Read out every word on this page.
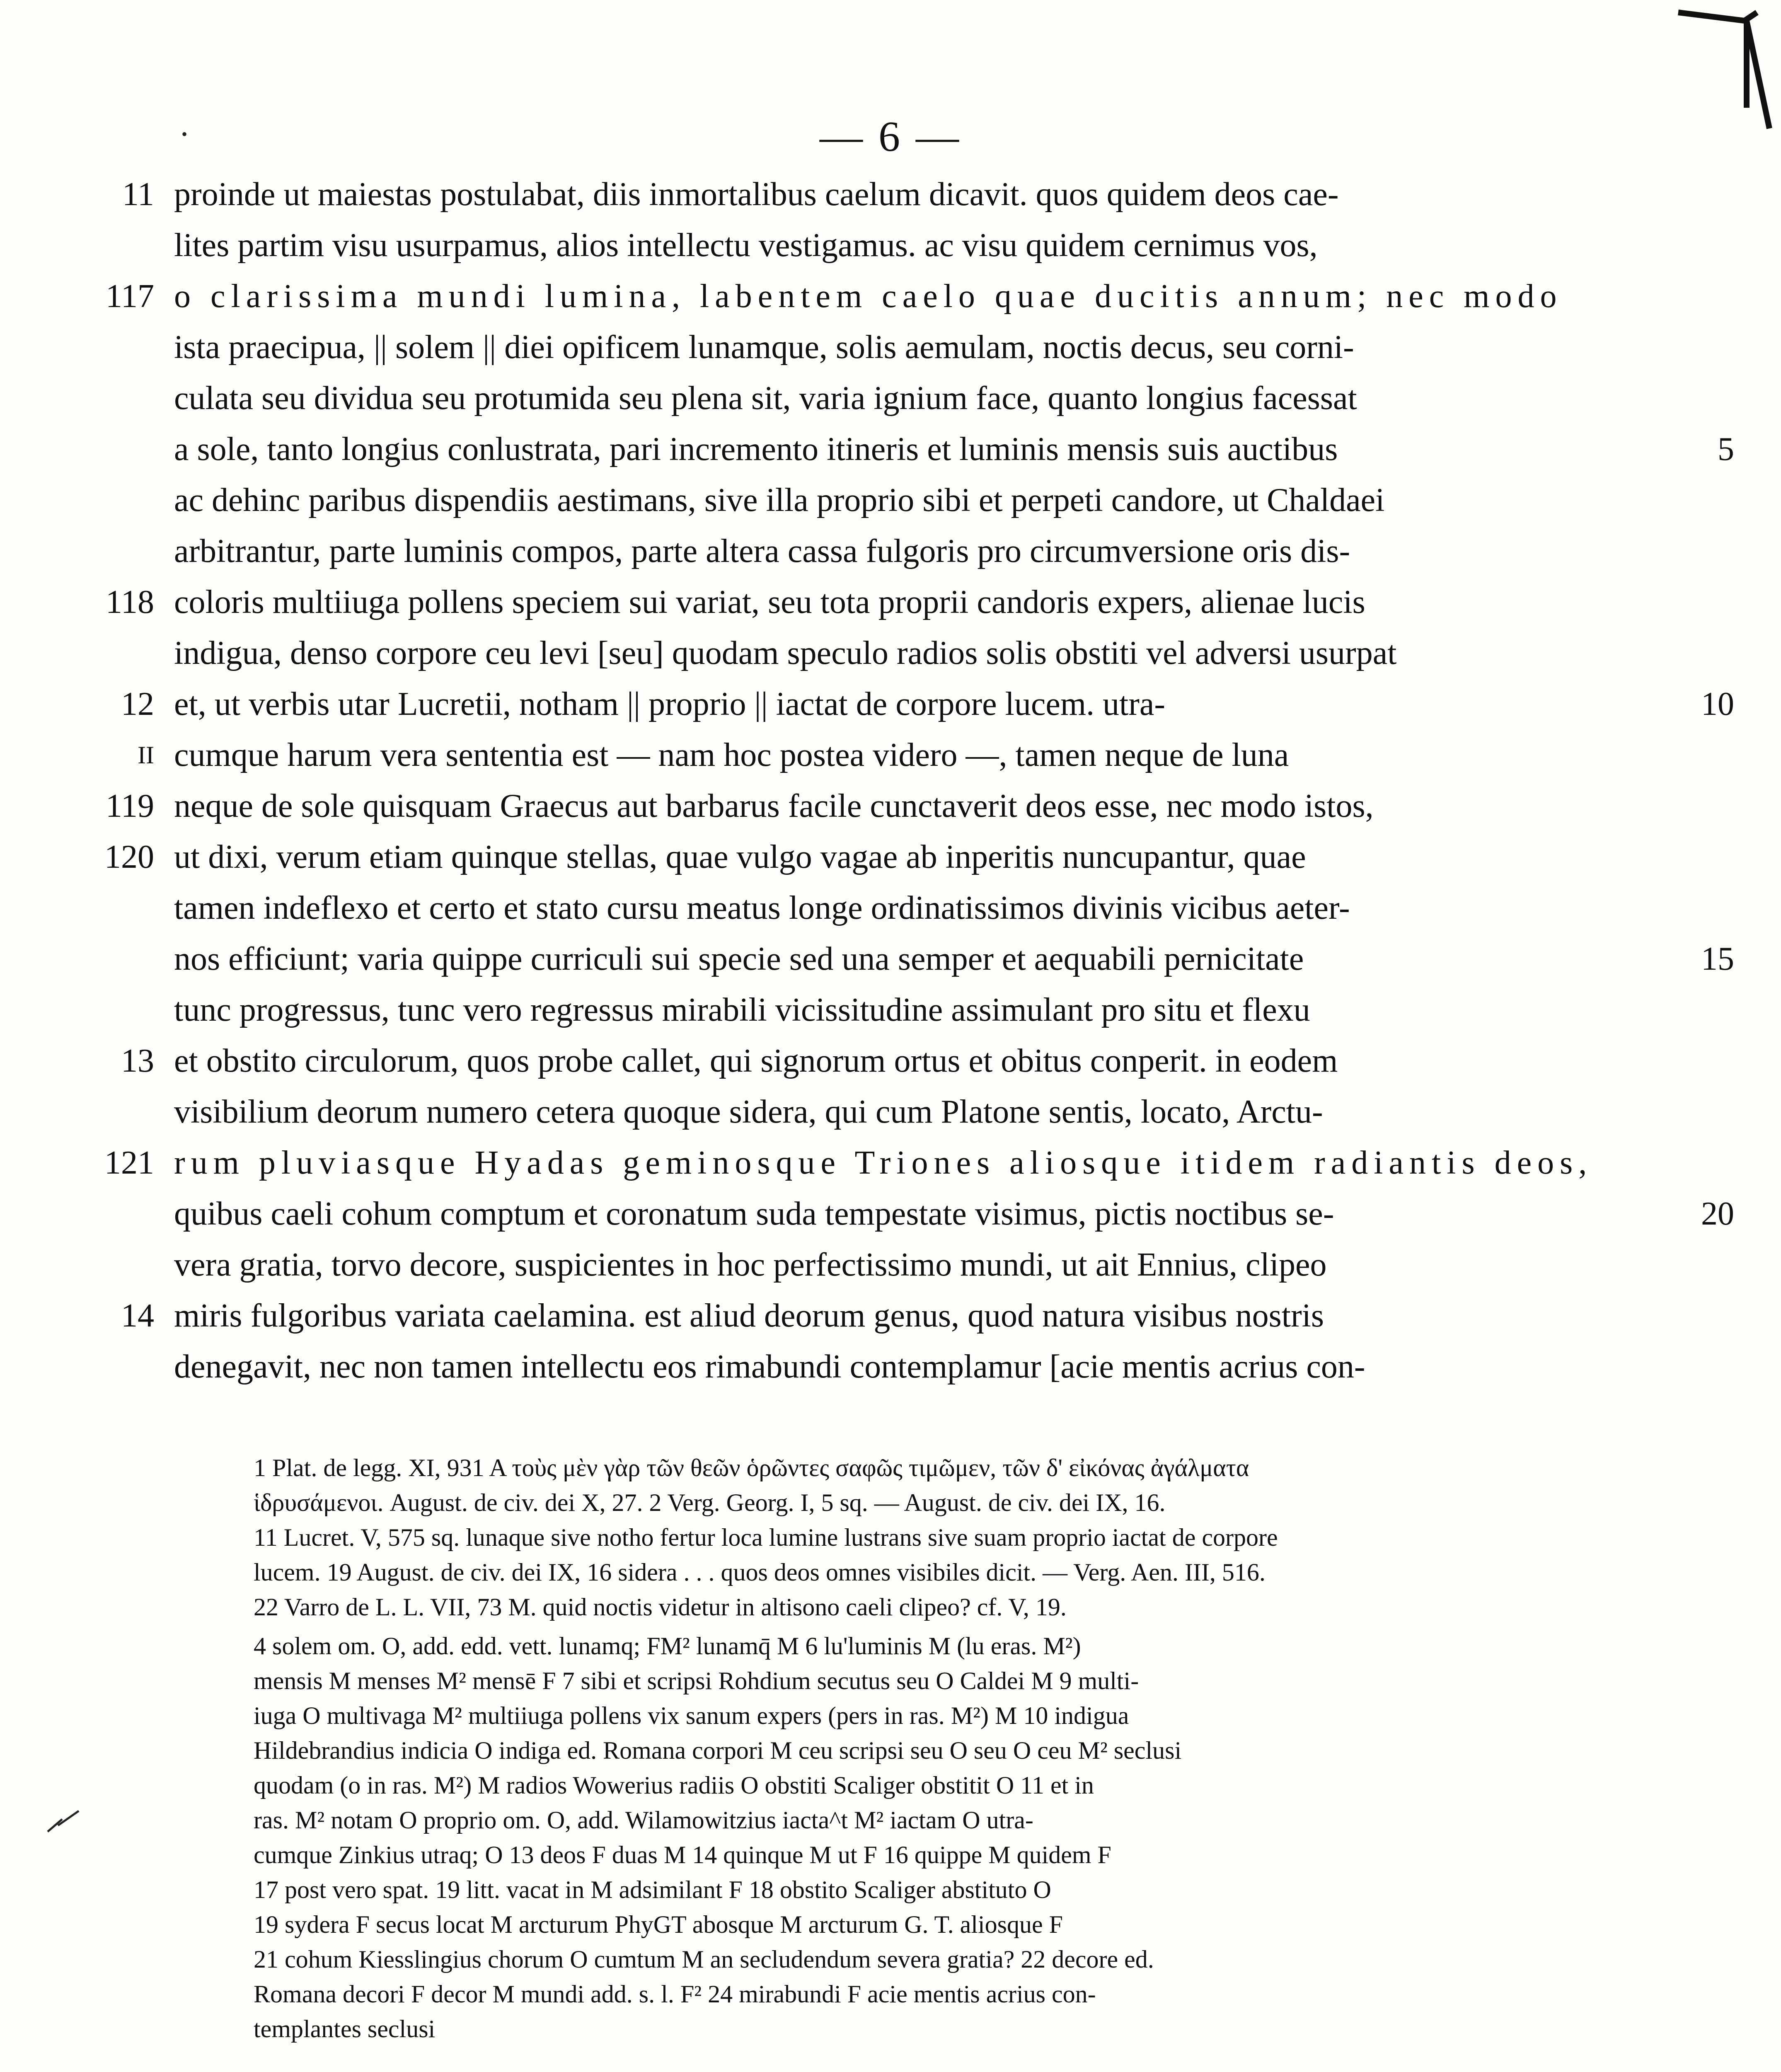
— 6 —
•
11 proinde ut maiestas postulabat, diis inmortalibus caelum dicavit. quos quidem deos cae-
lites partim visu usurpamus, alios intellectu vestigamus. ac visu quidem cernimus vos,
117 o clarissima mundi lumina, labentem caelo quae ducitis annum; nec modo
ista praecipua, || solem || diei opificem lunamque, solis aemulam, noctis decus, seu corni-
culata seu dividua seu protumida seu plena sit, varia ignium face, quanto longius facessat
5
a sole, tanto longius conlustrata, pari incremento itineris et luminis mensis suis auctibus
ac dehinc paribus dispendiis aestimans, sive illa proprio sibi et perpeti candore, ut Chaldaei
arbitrantur, parte luminis compos, parte altera cassa fulgoris pro circumversione oris dis-
118 coloris multiiuga pollens speciem sui variat, seu tota proprii candoris expers, alienae lucis
indigua, denso corpore ceu levi [seu] quodam speculo radios solis obstiti vel adversi usurpat
10
12 et, ut verbis utar Lucretii, notham || proprio || iactat de corpore lucem. utra-
II cumque harum vera sententia est — nam hoc postea videro —, tamen neque de luna
119 neque de sole quisquam Graecus aut barbarus facile cunctaverit deos esse, nec modo istos,
120 ut dixi, verum etiam quinque stellas, quae vulgo vagae ab inperitis nuncupantur, quae
tamen indeflexo et certo et stato cursu meatus longe ordinatissimos divinis vicibus aeter-
15
nos efficiunt; varia quippe curriculi sui specie sed una semper et aequabili pernicitate
tunc progressus, tunc vero regressus mirabili vicissitudine assimulant pro situ et flexu
13 et obstito circulorum, quos probe callet, qui signorum ortus et obitus conperit. in eodem
visibilium deorum numero cetera quoque sidera, qui cum Platone sentis, locato, Arctu-
121 rum pluviasque Hyadas geminosque Triones aliosque itidem radiantis deos,
20
quibus caeli cohum comptum et coronatum suda tempestate visimus, pictis noctibus se-
vera gratia, torvo decore, suspicientes in hoc perfectissimo mundi, ut ait Ennius, clipeo
14 miris fulgoribus variata caelamina. est aliud deorum genus, quod natura visibus nostris
denegavit, nec non tamen intellectu eos rimabundi contemplamur [acie mentis acrius con-
1 Plat. de legg. XI, 931 A τοὺς μὲν γὰρ τῶν θεῶν ὁρῶντες σαφῶς τιμῶμεν, τῶν δ' εἰκόνας ἀγάλματα
ἱδρυσάμενοι. August. de civ. dei X, 27. 2 Verg. Georg. I, 5 sq. — August. de civ. dei IX, 16.
11 Lucret. V, 575 sq. lunaque sive notho fertur loca lumine lustrans sive suam proprio iactat de corpore
lucem. 19 August. de civ. dei IX, 16 sidera . . . quos deos omnes visibiles dicit. — Verg. Aen. III, 516.
22 Varro de L. L. VII, 73 M. quid noctis videtur in altisono caeli clipeo? cf. V, 19.
4 solem om. O, add. edd. vett. lunamq; FM² lunamq̄ M 6 lu'luminis M (lu eras. M²)
mensis M menses M² mensē F 7 sibi et scripsi Rohdium secutus seu O Caldei M 9 multi-
iuga O multivaga M² multiiuga pollens vix sanum expers (pers in ras. M²) M 10 indigua
Hildebrandius indicia O indiga ed. Romana corpori M ceu scripsi seu O seu O ceu M² seclusi
quodam (o in ras. M²) M radios Wowerius radiis O obstiti Scaliger obstitit O 11 et in
ras. M² notam O proprio om. O, add. Wilamowitzius iacta^t M² iactam O utra-
cumque Zinkius utraq; O 13 deos F duas M 14 quinque M ut F 16 quippe M quidem F
17 post vero spat. 19 litt. vacat in M adsimilant F 18 obstito Scaliger abstituto O
19 sydera F secus locat M arcturum PhyGT abosque M arcturum G. T. aliosque F
21 cohum Kiesslingius chorum O cumtum M an secludendum severa gratia? 22 decore ed.
Romana decori F decor M mundi add. s. l. F² 24 mirabundi F acie mentis acrius con-
templantes seclusi
